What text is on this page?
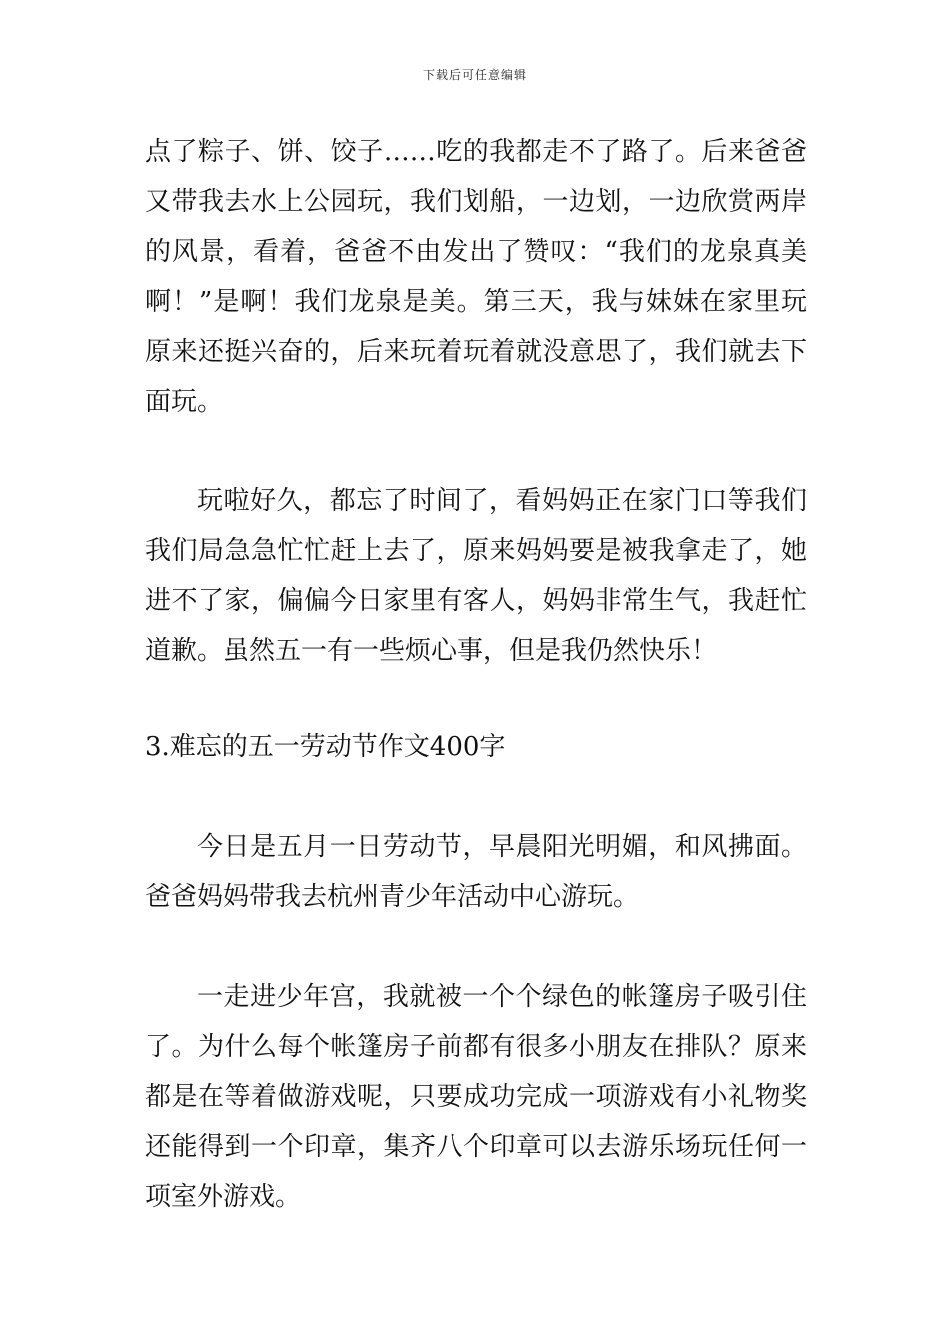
下载后可任意编辑

点了粽子、饼、饺子……吃的我都走不了路了。后来爸爸又带我去水上公园玩，我们划船，一边划，一边欣赏两岸的风景，看着，爸爸不由发出了赞叹：“我们的龙泉真美啊！”是啊！我们龙泉是美。第三天，我与妹妹在家里玩原来还挺兴奋的，后来玩着玩着就没意思了，我们就去下面玩。

玩啦好久，都忘了时间了，看妈妈正在家门口等我们我们局急急忙忙赶上去了，原来妈妈要是被我拿走了，她进不了家，偏偏今日家里有客人，妈妈非常生气，我赶忙道歉。虽然五一有一些烦心事，但是我仍然快乐！

3.难忘的五一劳动节作文400字

今日是五月一日劳动节，早晨阳光明媚，和风拂面。爸爸妈妈带我去杭州青少年活动中心游玩。

一走进少年宫，我就被一个个绿色的帐篷房子吸引住了。为什么每个帐篷房子前都有很多小朋友在排队？原来都是在等着做游戏呢，只要成功完成一项游戏有小礼物奖还能得到一个印章，集齐八个印章可以去游乐场玩任何一项室外游戏。
